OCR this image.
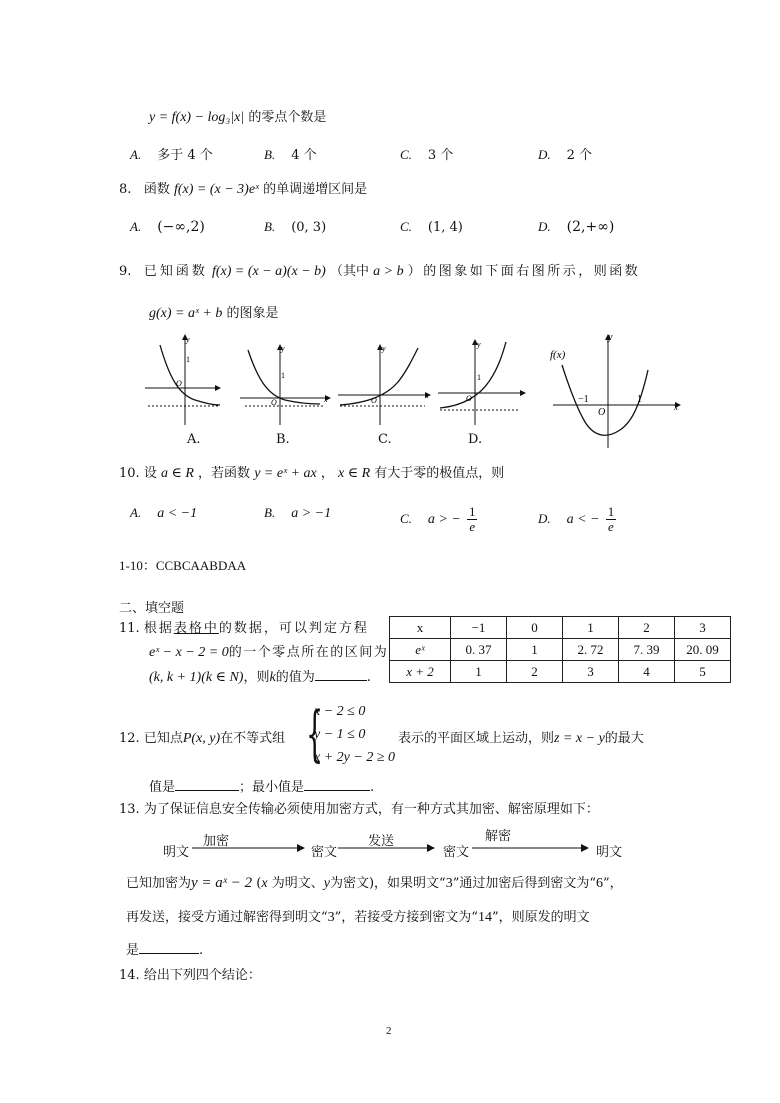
y = f(x) − log₃|x| 的零点个数是
A. 多于 4 个	B. 4 个	C. 3 个	D. 2 个
8. 函数 f(x) = (x − 3)eˣ 的单调递增区间是
A. (−∞,2)	B. (0, 3)	C. (1, 4)	D. (2,+∞)
9. 已知函数 f(x) = (x − a)(x − b) （其中 a > b ）的图象如下面右图所示，则函数
g(x) = aˣ + b 的图象是
1
y
O
1
y
O	x
y
O
x
1
y
O
f(x)
y
−1
O
1
x
A.	B.	C.	D.
10. 设 a ∈ R ，若函数 y = eˣ + ax ， x ∈ R 有大于零的极值点，则
A. a < −1	B. a > −1	C. a > − $\frac{1}{e}$	D. a < − $\frac{1}{e}$
1-10：CCBCAABDAA
二、填空题
11. 根据表格中的数据，可以判定方程
eˣ − x − 2 = 0的一个零点所在的区间为
(k, k + 1)(k ∈ N)，则k的值为	.
x	−1	0	1	2	3
eˣ	0. 37	1	2. 72	7. 39	20. 09
x + 2	1	2	3	4	5
12. 已知点P(x, y)在不等式组 {
x − 2 ≤ 0
y − 1 ≤ 0
x + 2y − 2 ≥ 0
表示的平面区域上运动，则z = x − y的最大
值是	；最小值是	.
13. 为了保证信息安全传输必须使用加密方式，有一种方式其加密、解密原理如下：
明文	密文	密文	明文
加密	发送	解密
已知加密为y = aˣ − 2 (x 为明文、y为密文)，如果明文“3”通过加密后得到密文为“6”，
再发送，接受方通过解密得到明文“3”，若接受方接到密文为“14”，则原发的明文
是	.
14. 给出下列四个结论：
2
